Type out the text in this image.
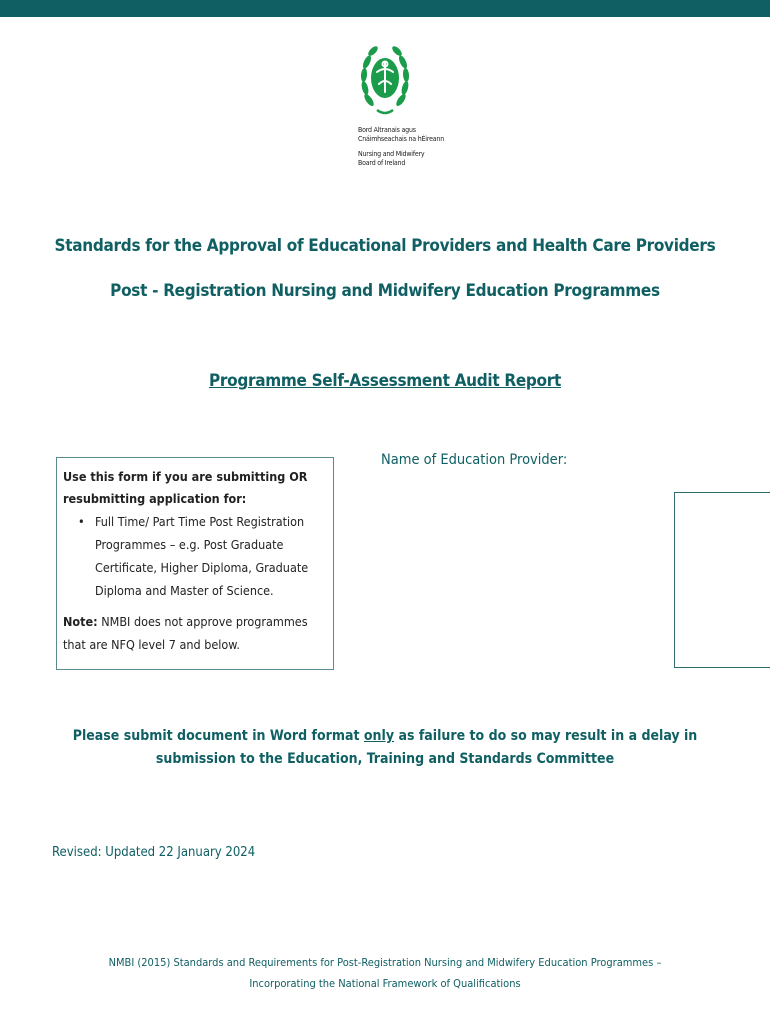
Bord Altranais agus
Cnáimhseachais na hÉireann
Nursing and Midwifery
Board of Ireland
Standards for the Approval of Educational Providers and Health Care Providers
Post - Registration Nursing and Midwifery Education Programmes
Programme Self-Assessment Audit Report
Use this form if you are submitting OR resubmitting application for:
• Full Time/ Part Time Post Registration Programmes – e.g. Post Graduate Certificate, Higher Diploma, Graduate Diploma and Master of Science.
Note: NMBI does not approve programmes that are NFQ level 7 and below.
Name of Education Provider:
Please submit document in Word format only as failure to do so may result in a delay in
submission to the Education, Training and Standards Committee
Revised: Updated 22 January 2024
NMBI (2015) Standards and Requirements for Post-Registration Nursing and Midwifery Education Programmes –
Incorporating the National Framework of Qualifications
